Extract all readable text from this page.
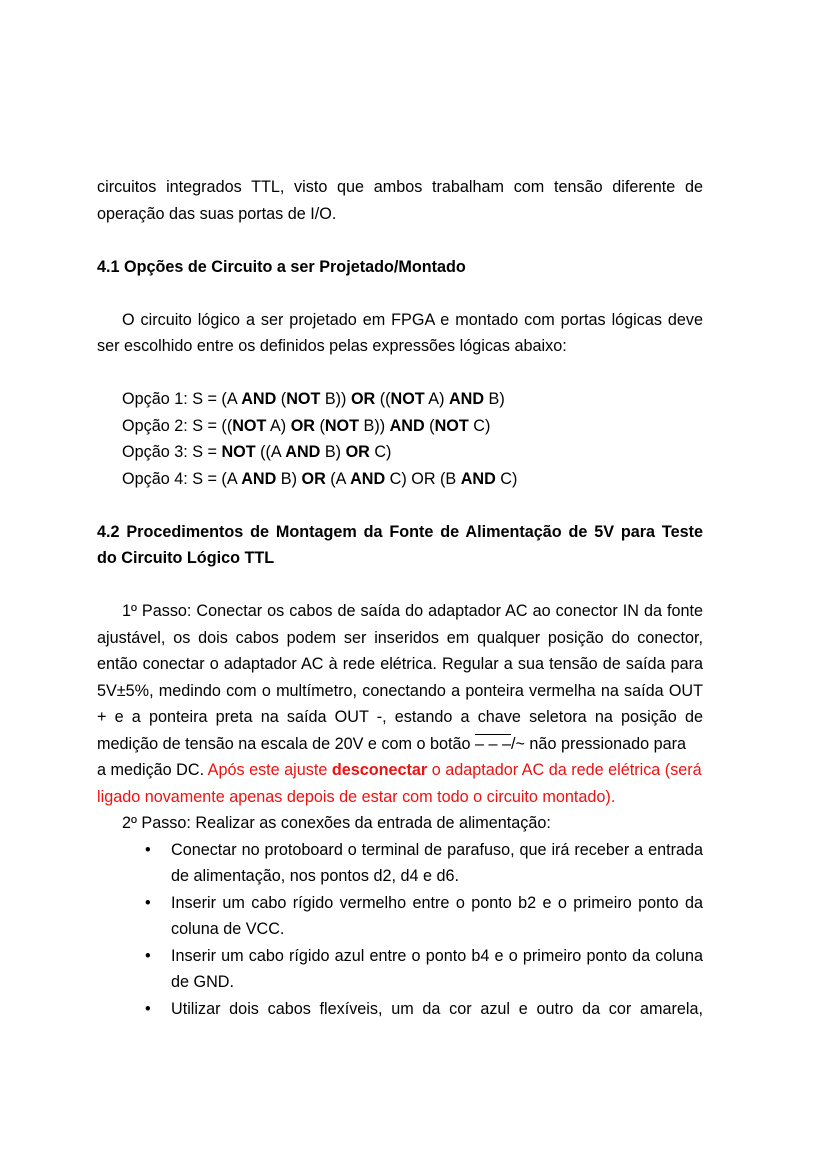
circuitos integrados TTL, visto que ambos trabalham com tensão diferente de
operação das suas portas de I/O.
4.1 Opções de Circuito a ser Projetado/Montado
O circuito lógico a ser projetado em FPGA e montado com portas lógicas deve
ser escolhido entre os definidos pelas expressões lógicas abaixo:
Opção 1: S = (A AND (NOT B)) OR ((NOT A) AND B)
Opção 2: S = ((NOT A) OR (NOT B)) AND (NOT C)
Opção 3: S = NOT ((A AND B) OR C)
Opção 4: S = (A AND B) OR (A AND C) OR (B AND C)
4.2 Procedimentos de Montagem da Fonte de Alimentação de 5V para Teste
do Circuito Lógico TTL
1º Passo: Conectar os cabos de saída do adaptador AC ao conector IN da fonte
ajustável, os dois cabos podem ser inseridos em qualquer posição do conector,
então conectar o adaptador AC à rede elétrica. Regular a sua tensão de saída para
5V±5%, medindo com o multímetro, conectando a ponteira vermelha na saída OUT
+ e a ponteira preta na saída OUT -, estando a chave seletora na posição de
medição de tensão na escala de 20V e com o botão – – –/~ não pressionado para
a medição DC. Após este ajuste desconectar o adaptador AC da rede elétrica (será
ligado novamente apenas depois de estar com todo o circuito montado).
2º Passo: Realizar as conexões da entrada de alimentação:
•	Conectar no protoboard o terminal de parafuso, que irá receber a entrada
de alimentação, nos pontos d2, d4 e d6.
•	Inserir um cabo rígido vermelho entre o ponto b2 e o primeiro ponto da
coluna de VCC.
•	Inserir um cabo rígido azul entre o ponto b4 e o primeiro ponto da coluna
de GND.
•	Utilizar dois cabos flexíveis, um da cor azul e outro da cor amarela,
